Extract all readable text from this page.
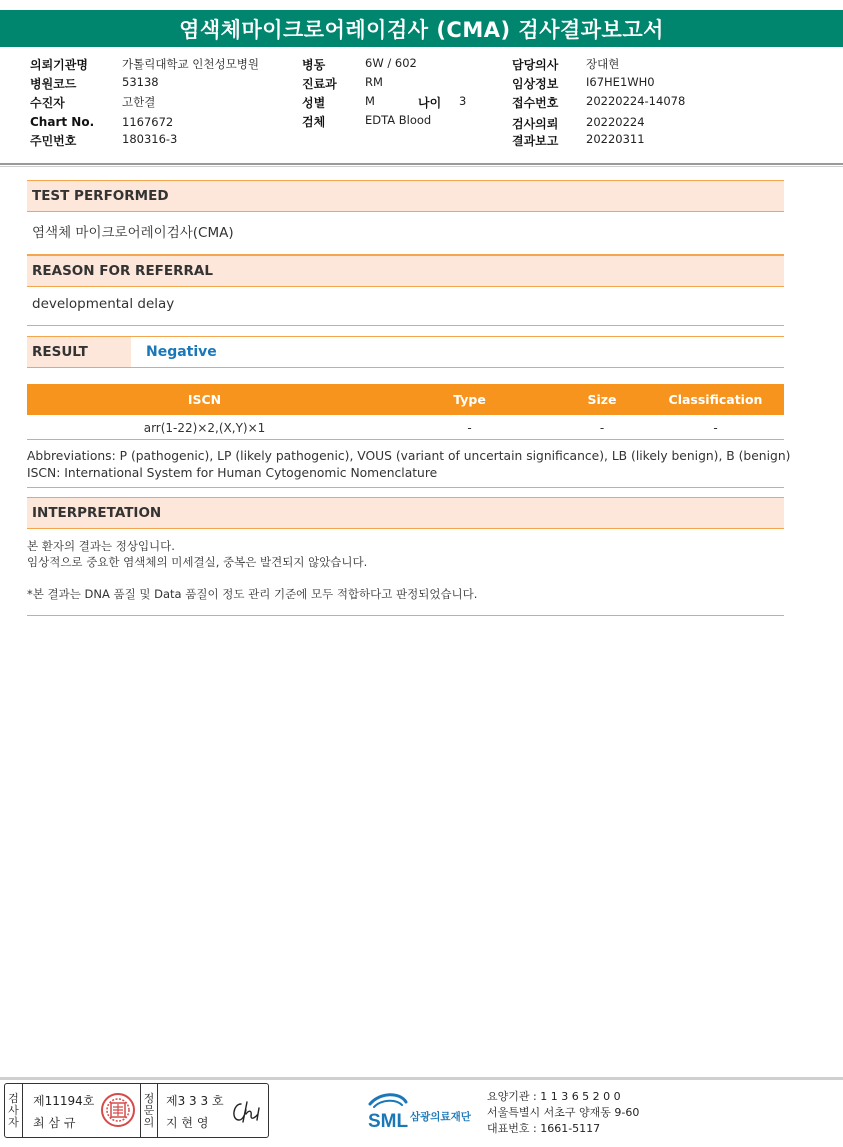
염색체마이크로어레이검사 (CMA) 검사결과보고서
의뢰기관명	가톨릭대학교 인천성모병원
병원코드	53138
수진자	고한결
Chart No. 1167672
주민번호	180316-3
병동	6W / 602
진료과 RM
성별	M	나이 3
검체	EDTA Blood
담당의사 장대현
임상정보 I67HE1WH0
접수번호 20220224-14078
검사의뢰 20220224
결과보고 20220311
TEST PERFORMED
염색체 마이크로어레이검사(CMA)
REASON FOR REFERRAL
developmental delay
RESULT	Negative
ISCN	Type	Size	Classification
arr(1-22)×2,(X,Y)×1	-	-	-
Abbreviations: P (pathogenic), LP (likely pathogenic), VOUS (variant of uncertain significance), LB (likely benign), B (benign)
ISCN: International System for Human Cytogenomic Nomenclature
INTERPRETATION
본 환자의 결과는 정상입니다.
임상적으로 중요한 염색체의 미세결실, 중복은 발견되지 않았습니다.
*본 결과는 DNA 품질 및 Data 품질이 정도 관리 기준에 모두 적합하다고 판정되었습니다.
검
사
자
제11194호
최 삼 규
정
문
의
제3 3 3 호
지 현 영	SML 삼광의료재단
요양기관 : 1 1 3 6 5 2 0 0
서울특별시 서초구 양재동 9-60
대표번호 : 1661-5117
